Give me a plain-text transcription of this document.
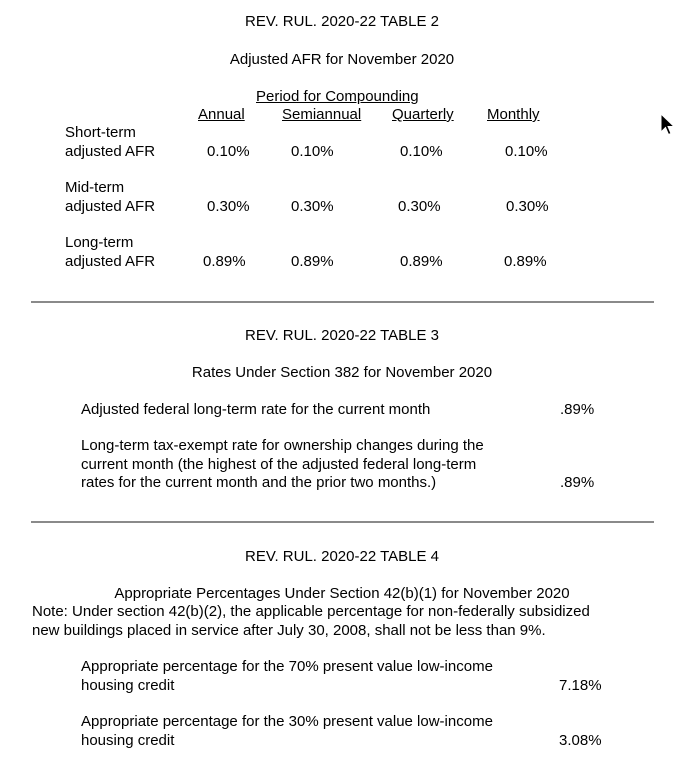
REV. RUL. 2020-22 TABLE 2
Adjusted AFR for November 2020
Period for Compounding
Annual Semiannual Quarterly Monthly
Short-term
adjusted AFR	0.10%	0.10%	0.10%	0.10%
Mid-term
adjusted AFR	0.30%	0.30%	0.30%	0.30%
Long-term
adjusted AFR	0.89%	0.89%	0.89%	0.89%
REV. RUL. 2020-22 TABLE 3
Rates Under Section 382 for November 2020
Adjusted federal long-term rate for the current month	.89%
Long-term tax-exempt rate for ownership changes during the
current month (the highest of the adjusted federal long-term
rates for the current month and the prior two months.)	.89%
REV. RUL. 2020-22 TABLE 4
Appropriate Percentages Under Section 42(b)(1) for November 2020
Note: Under section 42(b)(2), the applicable percentage for non-federally subsidized
new buildings placed in service after July 30, 2008, shall not be less than 9%.
Appropriate percentage for the 70% present value low-income
housing credit	7.18%
Appropriate percentage for the 30% present value low-income
housing credit	3.08%
